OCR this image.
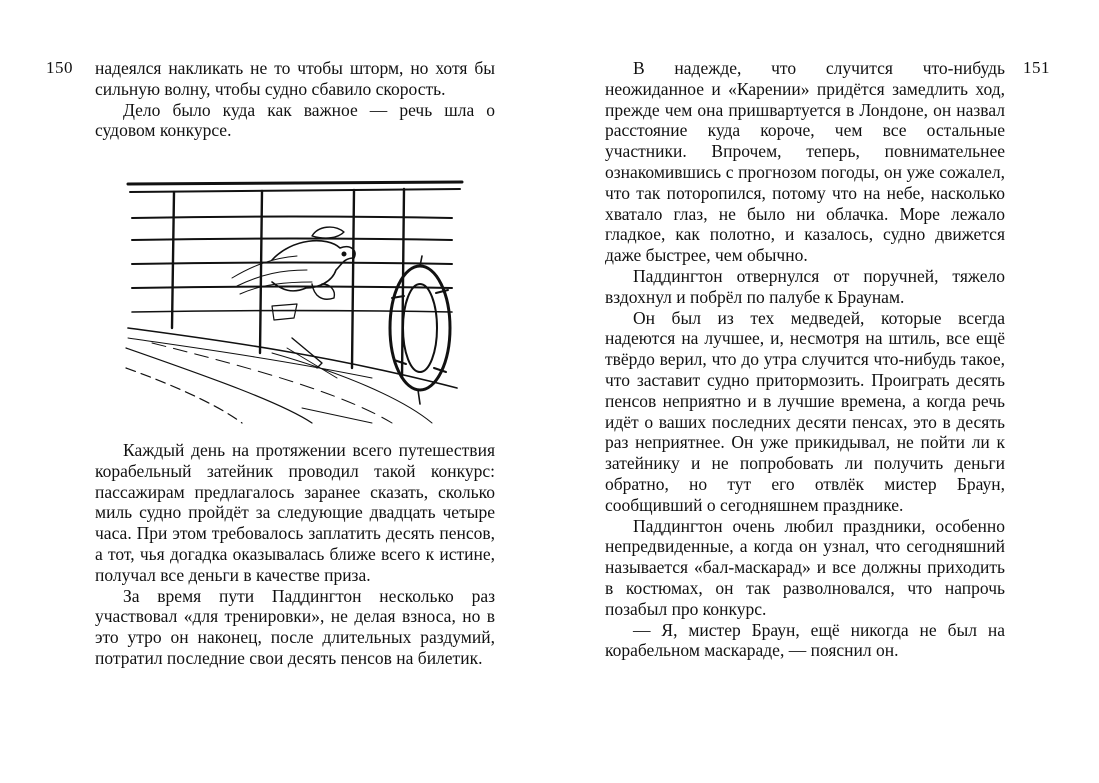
150 надеялся накликать не то чтобы шторм, но хотя бы сильную волну, чтобы судно сбавило скорость.

Дело было куда как важное — речь шла о судовом конкурсе.

Каждый день на протяжении всего путешествия корабельный затейник проводил такой конкурс: пассажирам предлагалось заранее сказать, сколько миль судно пройдёт за следующие двадцать четыре часа. При этом требовалось заплатить десять пенсов, а тот, чья догадка оказывалась ближе всего к истине, получал все деньги в качестве приза.

За время пути Паддингтон несколько раз участвовал «для тренировки», не делая взноса, но в это утро он наконец, после длительных раздумий, потратил последние свои десять пенсов на билетик.

151

В надежде, что случится что-нибудь неожиданное и «Карении» придётся замедлить ход, прежде чем она пришвартуется в Лондоне, он назвал расстояние куда короче, чем все остальные участники. Впрочем, теперь, повнимательнее ознакомившись с прогнозом погоды, он уже сожалел, что так поторопился, потому что на небе, насколько хватало глаз, не было ни облачка. Море лежало гладкое, как полотно, и казалось, судно движется даже быстрее, чем обычно.

Паддингтон отвернулся от поручней, тяжело вздохнул и побрёл по палубе к Браунам.

Он был из тех медведей, которые всегда надеются на лучшее, и, несмотря на штиль, все ещё твёрдо верил, что до утра случится что-нибудь такое, что заставит судно притормозить. Проиграть десять пенсов неприятно и в лучшие времена, а когда речь идёт о ваших последних десяти пенсах, это в десять раз неприятнее. Он уже прикидывал, не пойти ли к затейнику и не попробовать ли получить деньги обратно, но тут его отвлёк мистер Браун, сообщивший о сегодняшнем празднике.

Паддингтон очень любил праздники, особенно непредвиденные, а когда он узнал, что сегодняшний называется «бал-маскарад» и все должны приходить в костюмах, он так разволновался, что напрочь позабыл про конкурс.

— Я, мистер Браун, ещё никогда не был на корабельном маскараде, — пояснил он.
